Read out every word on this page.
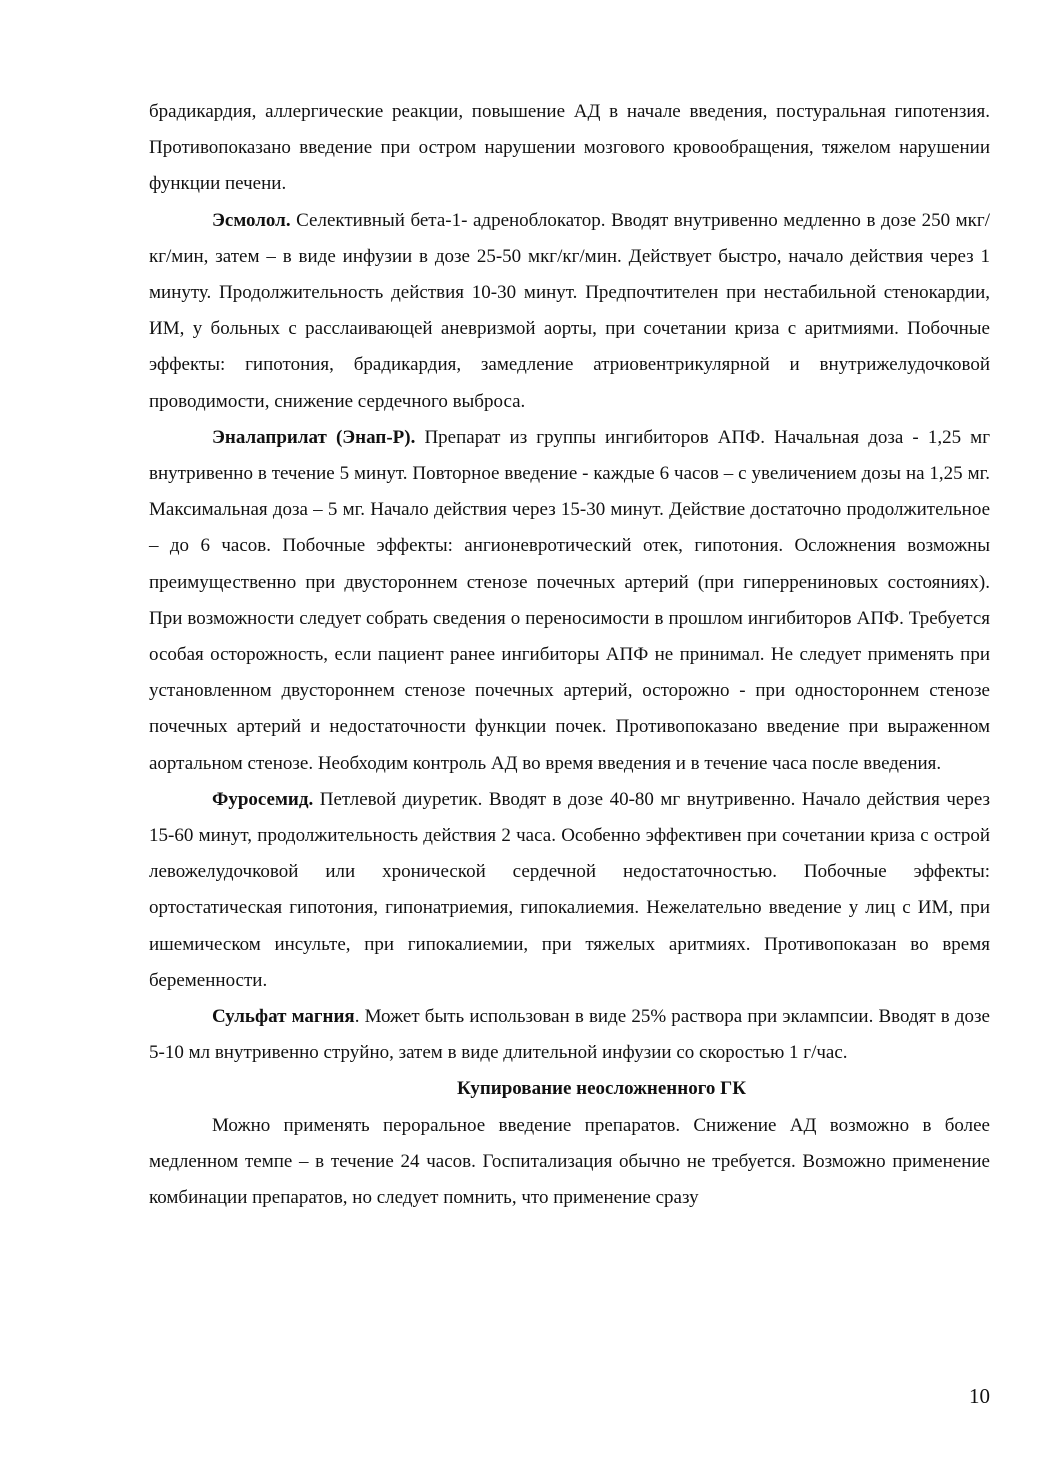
брадикардия, аллергические реакции, повышение АД в начале введения, постуральная гипотензия. Противопоказано введение при остром нарушении мозгового кровообращения, тяжелом нарушении функции печени.

Эсмолол. Селективный бета-1- адреноблокатор. Вводят внутривенно медленно в дозе 250 мкг/кг/мин, затем – в виде инфузии в дозе 25-50 мкг/кг/мин. Действует быстро, начало действия через 1 минуту. Продолжительность действия 10-30 минут. Предпочтителен при нестабильной стенокардии, ИМ, у больных с расслаивающей аневризмой аорты, при сочетании криза с аритмиями. Побочные эффекты: гипотония, брадикардия, замедление атриовентрикулярной и внутрижелудочковой проводимости, снижение сердечного выброса.

Эналаприлат (Энап-Р). Препарат из группы ингибиторов АПФ. Начальная доза - 1,25 мг внутривенно в течение 5 минут. Повторное введение - каждые 6 часов – с увеличением дозы на 1,25 мг. Максимальная доза – 5 мг. Начало действия через 15-30 минут. Действие достаточно продолжительное – до 6 часов. Побочные эффекты: ангионевротический отек, гипотония. Осложнения возможны преимущественно при двустороннем стенозе почечных артерий (при гиперрениновых состояниях). При возможности следует собрать сведения о переносимости в прошлом ингибиторов АПФ. Требуется особая осторожность, если пациент ранее ингибиторы АПФ не принимал. Не следует применять при установленном двустороннем стенозе почечных артерий, осторожно - при одностороннем стенозе почечных артерий и недостаточности функции почек. Противопоказано введение при выраженном аортальном стенозе. Необходим контроль АД во время введения и в течение часа после введения.

Фуросемид. Петлевой диуретик. Вводят в дозе 40-80 мг внутривенно. Начало действия через 15-60 минут, продолжительность действия 2 часа. Особенно эффективен при сочетании криза с острой левожелудочковой или хронической сердечной недостаточностью. Побочные эффекты: ортостатическая гипотония, гипонатриемия, гипокалиемия. Нежелательно введение у лиц с ИМ, при ишемическом инсульте, при гипокалиемии, при тяжелых аритмиях. Противопоказан во время беременности.

Сульфат магния. Может быть использован в виде 25% раствора при эклампсии. Вводят в дозе 5-10 мл внутривенно струйно, затем в виде длительной инфузии со скоростью 1 г/час.

Купирование неосложненного ГК

Можно применять пероральное введение препаратов. Снижение АД возможно в более медленном темпе – в течение 24 часов. Госпитализация обычно не требуется. Возможно применение комбинации препаратов, но следует помнить, что применение сразу

10
